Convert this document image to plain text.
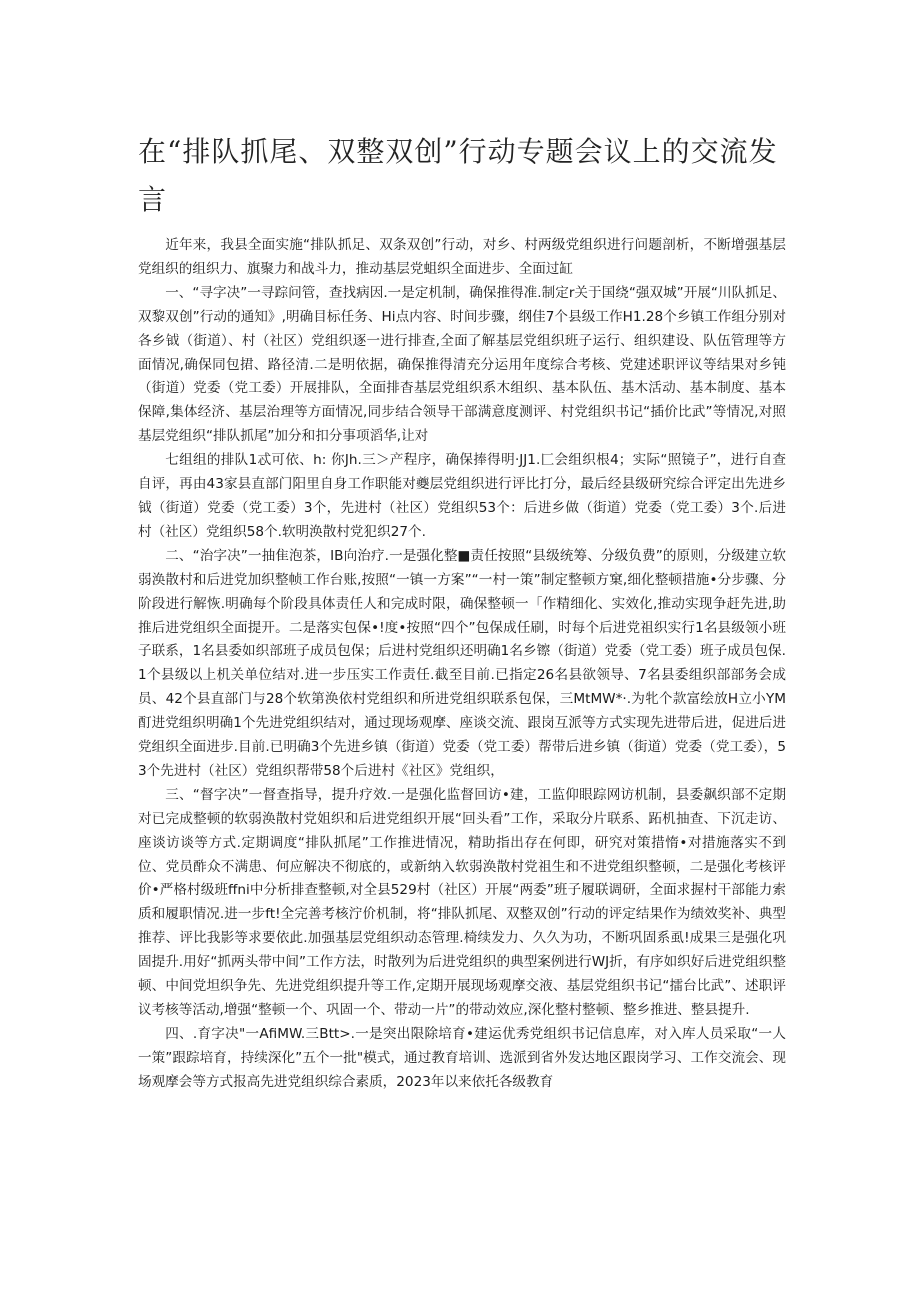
在“排队抓尾、双整双创”行动专题会议上的交流发言

近年来，我县全面实施“排队抓足、双条双创”行动，对乡、村两级党组织进行问题剖析，不断增强基层党组织的组织力、旗聚力和战斗力，推动基层党蛆织全面进步、全面过缸

一、“寻字决”一寻踪问管，查找病因.一是定机制，确保推得准.制定r关于国绕“强双城”开展“川队抓足、双黎双创”行动的通知》,明确目标任务、Hi点内容、时间步骤，纲佳7个县级工作H1.28个乡镇工作组分别对各乡钺（街道）、村（社区）党组织逐一进行排查,全面了解基层党组织班子运行、组织建设、队伍管理等方面情况,确保同包捃、路径清.二是明依据，确保推得清充分运用年度综合考核、党建述职评议等结果对乡钝（街道）党委（党工委）开展排队，全面排杳基层党组织系木组织、基本队伍、基木活动、基本制度、基本保障,集体经济、基层治理等方面情况,同步结合领导干部满意度测评、村党组织书记“插价比武”等情况,对照基层党组织“排队抓尾”加分和扣分事项滔华,让对

七组组的排队1忒可依、h: 你Jh.三＞产程序，确保捧得明·JJ1.匚会组织根4；实际“照镜子”，进行自查自评，再由43家县直部门阳里自身工作职能对夔层党组织进行评比打分，最后经县级研究综合评定出先进乡钺（街道）党委（党工委）3个，先进村（社区）党组织53个：后进乡做（街道）党委（党工委）3个.后进村（社区）党组织58个.软明涣散村党犯织27个.

二、“治字决”一抽隹泡茶，IB向治疗.一是强化整■责任按照“县级统筹、分级负费”的原则，分级建立软弱涣散村和后进党加织整帧工作台账,按照“一镇一方案”“一村一策”制定整顿方窠,细化整顿措施•分步骤、分阶段进行解恢.明确每个阶段具体责任人和完成时限，确保整顿一「作精细化、实效化,推动实现争赶先进,助推后进党组织全面提开。二是落实包保•!度•按照“四个”包保成任刷，时每个后进党祖织实行1名县级领小班子联系，1名县委如织部班子成员包保；后进村党组织还明确1名乡镲（街道）党委（党工委）班子成员包保.1个县级以上机关单位结对.进一步压实工作责任.截至目前.已指定26名县欲领导、7名县委组织部部务会成员、42个县直部门与28个软第涣依村党组织和所进党组织联系包保，三MtMW*·.为牝个款富绘放H立小YM酊进党组织明确1个先进党组织结对，通过现场观摩、座谈交流、跟岗互派等方式实现先进带后进，促进后进党组织全面进步.目前.已明确3个先进乡镇（街道）党委（党工委）帮带后进乡镇（街道）党委（党工委），53个先进村（社区）党组织帮带58个后进村《社区》党组织，

三、“督字决”一督查指导，提升疗效.一是强化监督回访•建，工监仰眼踪网访机制，县委飙织部不定期对已完成整顿的软弱涣散村党姐织和后进党组织开展“回头看”工作，采取分片联系、跖机抽查、下沉走访、座谈访谈等方式.定期调度“排队抓尾”工作推进情况，精助指出存在何即，研究对策措惰•对措施落实不到位、党员酢众不满患、何应解决不彻底的，或新纳入软弱涣散村党祖生和不进党组织整顿，二是强化考核评价•严格村级班ffni中分析排查整顿,对全县529村（社区）开展“两委”班子履联调研，全面求握村干部能力索质和履职情况.进一步ft!全完善考核泞价机制，将“排队抓尾、双整双创”行动的评定结果作为绩效奖补、典型推荐、评比我影等求要依此.加强基层党组织动态管理.椅续发力、久久为功，不断巩固系虱!成果三是强化巩固提升.用好“抓两头带中间”工作方法，时散列为后进党组织的典型案例进行WJ折，有序如织好后进党组织整顿、中间党坦织争先、先进党组织提升等工作,定期开展现场观摩交液、基层党组织书记“擂台比武”、述职评议考核等活动,增强“整顿一个、巩固一个、带动一片”的带动效应,深化整村整顿、整乡推进、整县提升.

四、.育字决"一AfiMW.三Btt>.一是突出限除培育•建运优秀党组织书记信息库，对入库人员采取“一人一策”跟踪培育，持续深化”五个一批"模式，通过教育培训、选派到省外发达地区跟岗学习、工作交流会、现场观摩会等方式报高先进党组织综合素质，2023年以来依托各级教育
